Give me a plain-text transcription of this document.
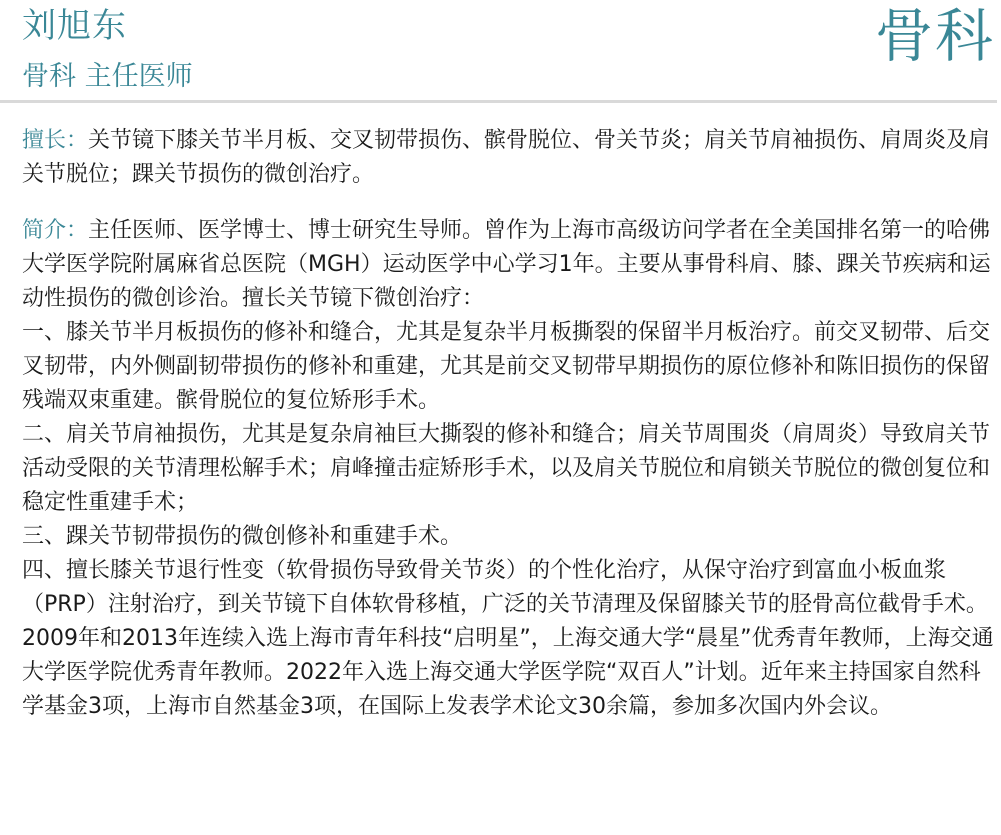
刘旭东
骨科 主任医师
骨科

擅长：关节镜下膝关节半月板、交叉韧带损伤、髌骨脱位、骨关节炎；肩关节肩袖损伤、肩周炎及肩关节脱位；踝关节损伤的微创治疗。

简介：主任医师、医学博士、博士研究生导师。曾作为上海市高级访问学者在全美国排名第一的哈佛大学医学院附属麻省总医院（MGH）运动医学中心学习1年。主要从事骨科肩、膝、踝关节疾病和运动性损伤的微创诊治。擅长关节镜下微创治疗：

一、膝关节半月板损伤的修补和缝合，尤其是复杂半月板撕裂的保留半月板治疗。前交叉韧带、后交叉韧带，内外侧副韧带损伤的修补和重建，尤其是前交叉韧带早期损伤的原位修补和陈旧损伤的保留残端双束重建。髌骨脱位的复位矫形手术。

二、肩关节肩袖损伤，尤其是复杂肩袖巨大撕裂的修补和缝合；肩关节周围炎（肩周炎）导致肩关节活动受限的关节清理松解手术；肩峰撞击症矫形手术，以及肩关节脱位和肩锁关节脱位的微创复位和稳定性重建手术；

三、踝关节韧带损伤的微创修补和重建手术。

四、擅长膝关节退行性变（软骨损伤导致骨关节炎）的个性化治疗，从保守治疗到富血小板血浆（PRP）注射治疗，到关节镜下自体软骨移植，广泛的关节清理及保留膝关节的胫骨高位截骨手术。

2009年和2013年连续入选上海市青年科技“启明星”，上海交通大学“晨星”优秀青年教师，上海交通大学医学院优秀青年教师。2022年入选上海交通大学医学院“双百人”计划。近年来主持国家自然科学基金3项，上海市自然基金3项，在国际上发表学术论文30余篇，参加多次国内外会议。
